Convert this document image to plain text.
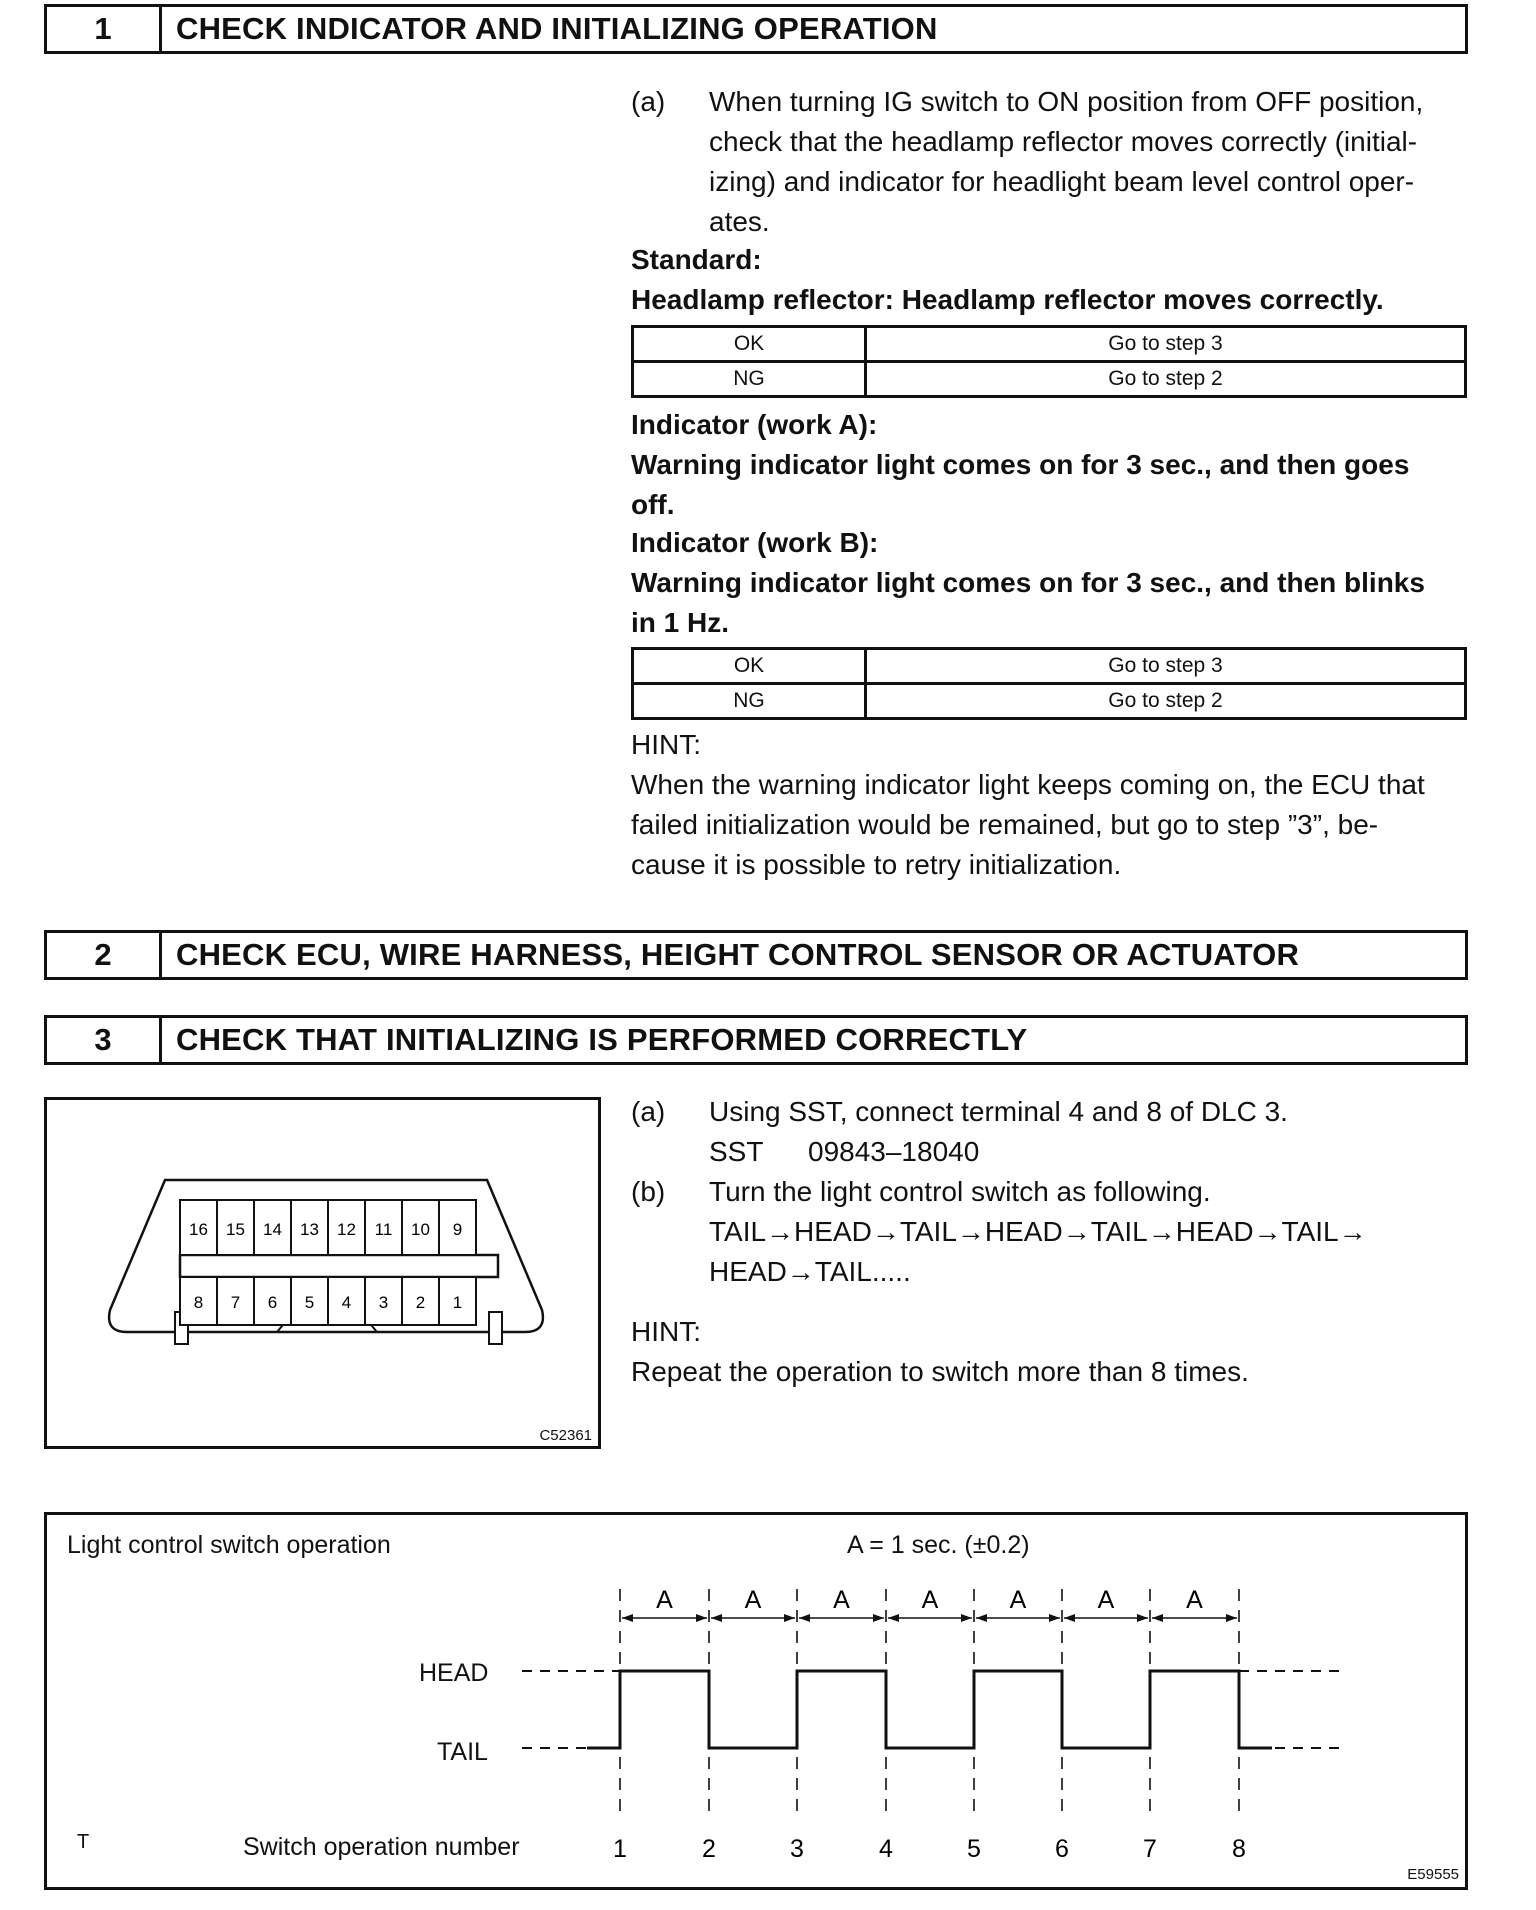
1	CHECK INDICATOR AND INITIALIZING OPERATION
(a) When turning IG switch to ON position from OFF position,
check that the headlamp reflector moves correctly (initial-
izing) and indicator for headlight beam level control oper-
ates.
Standard:
Headlamp reflector: Headlamp reflector moves correctly.
OK	Go to step 3
NG	Go to step 2
Indicator (work A):
Warning indicator light comes on for 3 sec., and then goes
off.
Indicator (work B):
Warning indicator light comes on for 3 sec., and then blinks
in 1 Hz.
OK	Go to step 3
NG	Go to step 2
HINT:
When the warning indicator light keeps coming on, the ECU that
failed initialization would be remained, but go to step ”3”, be-
cause it is possible to retry initialization.
2	CHECK ECU, WIRE HARNESS, HEIGHT CONTROL SENSOR OR ACTUATOR
3	CHECK THAT INITIALIZING IS PERFORMED CORRECTLY
16 15 14 13 12 11 10 9
8 7 6 5 4 3 2 1
C52361
(a) Using SST, connect terminal 4 and 8 of DLC 3.
SST 09843–18040
(b) Turn the light control switch as following.
TAIL→HEAD→TAIL→HEAD→TAIL→HEAD→TAIL→
HEAD→TAIL.....
HINT:
Repeat the operation to switch more than 8 times.
Light control switch operation	A = 1 sec. (±0.2)
HEAD
TAIL
T	Switch operation number
E59555
A	A	A	A	A	A	A
1	2	3	4	5	6	7	8
